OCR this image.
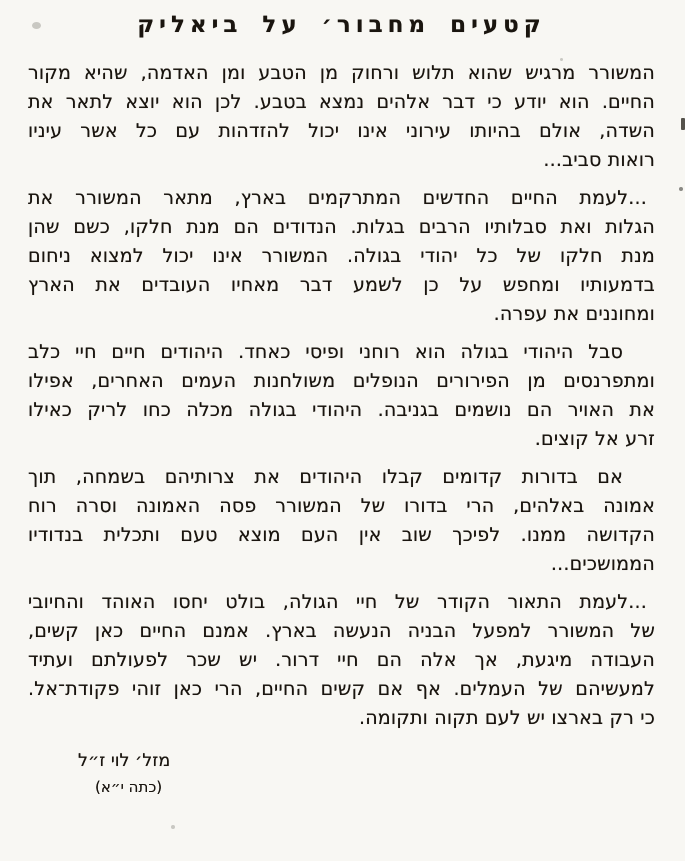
קטעים מחבור׳ על ביאליק

המשורר מרגיש שהוא תלוש ורחוק מן הטבע ומן האדמה, שהיא מקור

החיים. הוא יודע כי דבר אלהים נמצא בטבע. לכן הוא יוצא לתאר את

השדה, אולם בהיותו עירוני אינו יכול להזדהות עם כל אשר עיניו

רואות סביב...

...לעמת החיים החדשים המתרקמים בארץ, מתאר המשורר את

הגלות ואת סבלותיו הרבים בגלות. הנדודים הם מנת חלקו, כשם שהן

מנת חלקו של כל יהודי בגולה. המשורר אינו יכול למצוא ניחום

בדמעותיו ומחפש על כן לשמע דבר מאחיו העובדים את הארץ

ומחוננים את עפרה.

סבל היהודי בגולה הוא רוחני ופיסי כאחד. היהודים חיים חיי כלב

ומתפרנסים מן הפירורים הנופלים משולחנות העמים האחרים, אפילו

את האויר הם נושמים בגניבה. היהודי בגולה מכלה כחו לריק כאילו

זרע אל קוצים.

אם בדורות קדומים קבלו היהודים את צרותיהם בשמחה, תוך

אמונה באלהים, הרי בדורו של המשורר פסה האמונה וסרה רוח

הקדושה ממנו. לפיכך שוב אין העם מוצא טעם ותכלית בנדודיו

הממושכים...

...לעמת התאור הקודר של חיי הגולה, בולט יחסו האוהד והחיובי

של המשורר למפעל הבניה הנעשה בארץ. אמנם החיים כאן קשים,

העבודה מיגעת, אך אלה הם חיי דרור. יש שכר לפעולתם ועתיד

למעשיהם של העמלים. אף אם קשים החיים, הרי כאן זוהי פקודת־אל.

כי רק בארצו יש לעם תקוה ותקומה.

מזל׳ לוי ז״ל

(כתה י״א)
